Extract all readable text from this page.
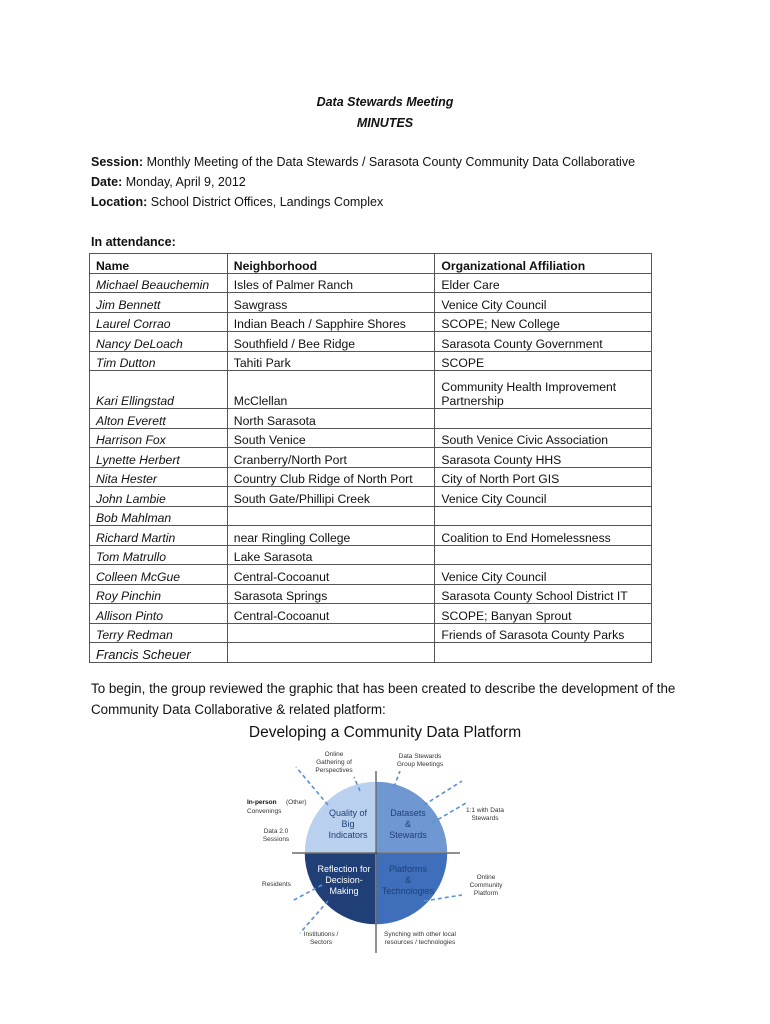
Data Stewards Meeting
MINUTES
Session: Monthly Meeting of the Data Stewards / Sarasota County Community Data Collaborative
Date: Monday, April 9, 2012
Location: School District Offices, Landings Complex
In attendance:
Name	Neighborhood	Organizational Affiliation
Michael Beauchemin	Isles of Palmer Ranch	Elder Care
Jim Bennett	Sawgrass	Venice City Council
Laurel Corrao	Indian Beach / Sapphire Shores	SCOPE; New College
Nancy DeLoach	Southfield / Bee Ridge	Sarasota County Government
Tim Dutton	Tahiti Park	SCOPE
Kari Ellingstad	McClellan	Community Health Improvement Partnership
Alton Everett	North Sarasota	
Harrison Fox	South Venice	South Venice Civic Association
Lynette Herbert	Cranberry/North Port	Sarasota County HHS
Nita Hester	Country Club Ridge of North Port	City of North Port GIS
John Lambie	South Gate/Phillipi Creek	Venice City Council
Bob Mahlman		
Richard Martin	near Ringling College	Coalition to End Homelessness
Tom Matrullo	Lake Sarasota	
Colleen McGue	Central-Cocoanut	Venice City Council
Roy Pinchin	Sarasota Springs	Sarasota County School District IT
Allison Pinto	Central-Cocoanut	SCOPE; Banyan Sprout
Terry Redman		Friends of Sarasota County Parks
Francis Scheuer		
To begin, the group reviewed the graphic that has been created to describe the development of the Community Data Collaborative & related platform:
Developing a Community Data Platform
Quality of Big Indicators
Datasets & Stewards
Reflection for Decision-Making
Platforms & Technologies
Online Gathering of Perspectives
Data Stewards Group Meetings
In-person (Other)
Convenings
Data 2.0 Sessions
1:1 with Data Stewards
Residents
Online Community Platform
Institutions / Sectors
Synching with other local resources / technologies
